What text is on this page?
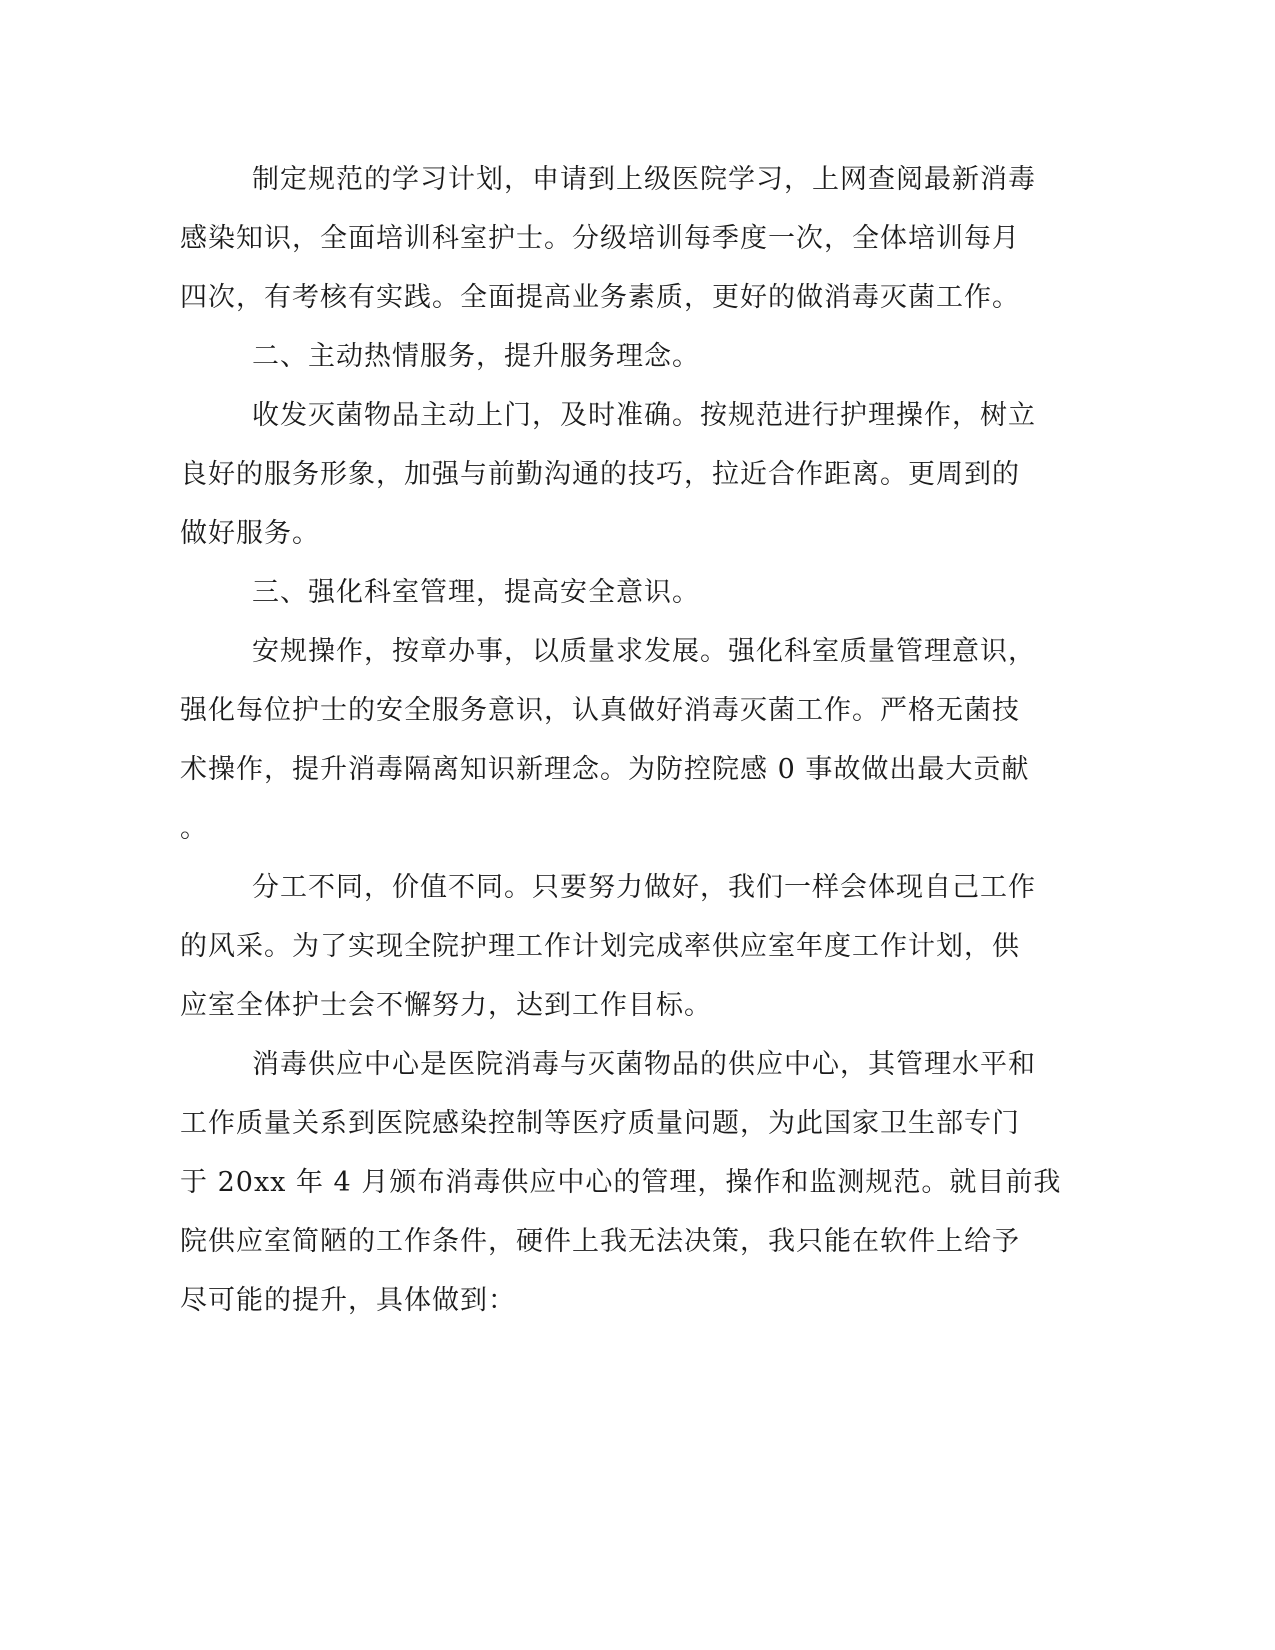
制定规范的学习计划，申请到上级医院学习，上网查阅最新消毒
感染知识，全面培训科室护士。分级培训每季度一次，全体培训每月
四次，有考核有实践。全面提高业务素质，更好的做消毒灭菌工作。
二、主动热情服务，提升服务理念。
收发灭菌物品主动上门，及时准确。按规范进行护理操作，树立
良好的服务形象，加强与前勤沟通的技巧，拉近合作距离。更周到的
做好服务。
三、强化科室管理，提高安全意识。
安规操作，按章办事，以质量求发展。强化科室质量管理意识，
强化每位护士的安全服务意识，认真做好消毒灭菌工作。严格无菌技
术操作，提升消毒隔离知识新理念。为防控院感 0 事故做出最大贡献
。
分工不同，价值不同。只要努力做好，我们一样会体现自己工作
的风采。为了实现全院护理工作计划完成率供应室年度工作计划，供
应室全体护士会不懈努力，达到工作目标。
消毒供应中心是医院消毒与灭菌物品的供应中心，其管理水平和
工作质量关系到医院感染控制等医疗质量问题，为此国家卫生部专门
于 20xx 年 4 月颁布消毒供应中心的管理，操作和监测规范。就目前我
院供应室简陋的工作条件，硬件上我无法决策，我只能在软件上给予
尽可能的提升，具体做到：
